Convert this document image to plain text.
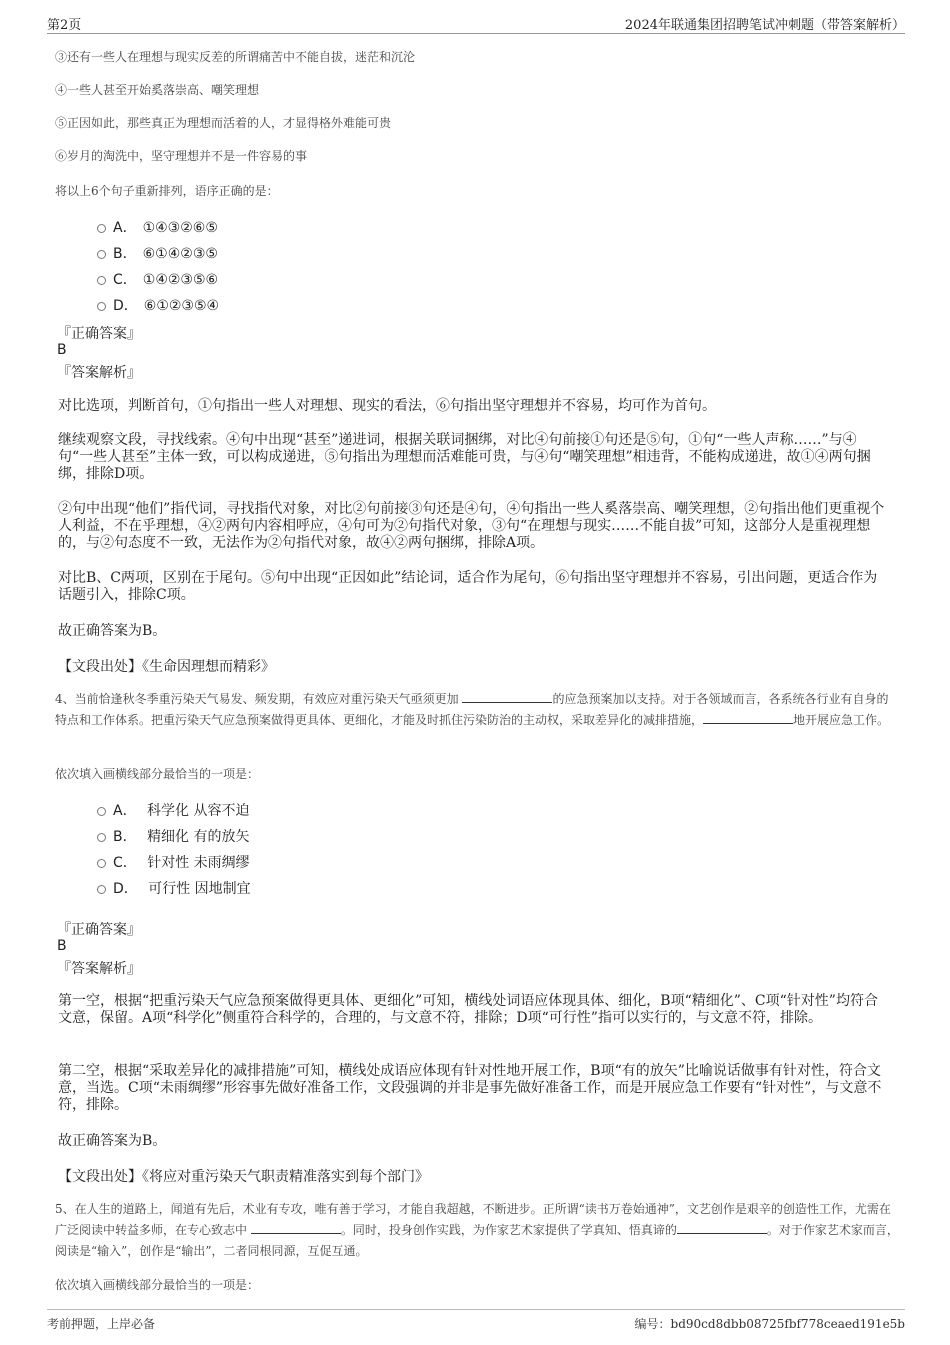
第2页	2024年联通集团招聘笔试冲刺题（带答案解析）
③还有一些人在理想与现实反差的所谓痛苦中不能自拔，迷茫和沉沦
④一些人甚至开始奚落崇高、嘲笑理想
⑤正因如此，那些真正为理想而活着的人，才显得格外难能可贵
⑥岁月的淘洗中，坚守理想并不是一件容易的事
将以上6个句子重新排列，语序正确的是：
A． ①④③②⑥⑤
B． ⑥①④②③⑤
C． ①④②③⑤⑥
D． ⑥①②③⑤④
『正确答案』
B
『答案解析』
对比选项，判断首句，①句指出一些人对理想、现实的看法，⑥句指出坚守理想并不容易，均可作为首句。
继续观察文段，寻找线索。④句中出现“甚至”递进词，根据关联词捆绑，对比④句前接①句还是⑤句，①句“一些人声称……”与④句“一些人甚至”主体一致，可以构成递进，⑤句指出为理想而活难能可贵，与④句“嘲笑理想”相违背，不能构成递进，故①④两句捆绑，排除D项。
②句中出现“他们”指代词，寻找指代对象，对比②句前接③句还是④句，④句指出一些人奚落崇高、嘲笑理想，②句指出他们更重视个人利益，不在乎理想，④②两句内容相呼应，④句可为②句指代对象，③句“在理想与现实……不能自拔”可知，这部分人是重视理想的，与②句态度不一致，无法作为②句指代对象，故④②两句捆绑，排除A项。
对比B、C两项，区别在于尾句。⑤句中出现“正因如此”结论词，适合作为尾句，⑥句指出坚守理想并不容易，引出问题，更适合作为话题引入，排除C项。
故正确答案为B。
【文段出处】《生命因理想而精彩》
4、当前恰逢秋冬季重污染天气易发、频发期，有效应对重污染天气亟须更加	的应急预案加以支持。对于各领域而言，各系统各行业有自身的特点和工作体系。把重污染天气应急预案做得更具体、更细化，才能及时抓住污染防治的主动权，采取差异化的减排措施，	地开展应急工作。
依次填入画横线部分最恰当的一项是：
A． 科学化 从容不迫
B． 精细化 有的放矢
C． 针对性 未雨绸缪
D． 可行性 因地制宜
『正确答案』
B
『答案解析』
第一空，根据“把重污染天气应急预案做得更具体、更细化”可知，横线处词语应体现具体、细化，B项“精细化”、C项“针对性”均符合文意，保留。A项“科学化”侧重符合科学的，合理的，与文意不符，排除；D项“可行性”指可以实行的，与文意不符，排除。
第二空，根据“采取差异化的减排措施”可知，横线处成语应体现有针对性地开展工作，B项“有的放矢”比喻说话做事有针对性，符合文意，当选。C项“未雨绸缪”形容事先做好准备工作，文段强调的并非是事先做好准备工作，而是开展应急工作要有“针对性”，与文意不符，排除。
故正确答案为B。
【文段出处】《将应对重污染天气职责精准落实到每个部门》
5、在人生的道路上，闻道有先后，术业有专攻，唯有善于学习，才能自我超越，不断进步。正所谓“读书万卷始通神”，文艺创作是艰辛的创造性工作，尤需在广泛阅读中转益多师，在专心致志中	。同时，投身创作实践，为作家艺术家提供了学真知、悟真谛的	。对于作家艺术家而言，阅读是“输入”，创作是“输出”，二者同根同源，互促互通。
依次填入画横线部分最恰当的一项是：
考前押题，上岸必备	编号：bd90cd8dbb08725fbf778ceaed191e5b
